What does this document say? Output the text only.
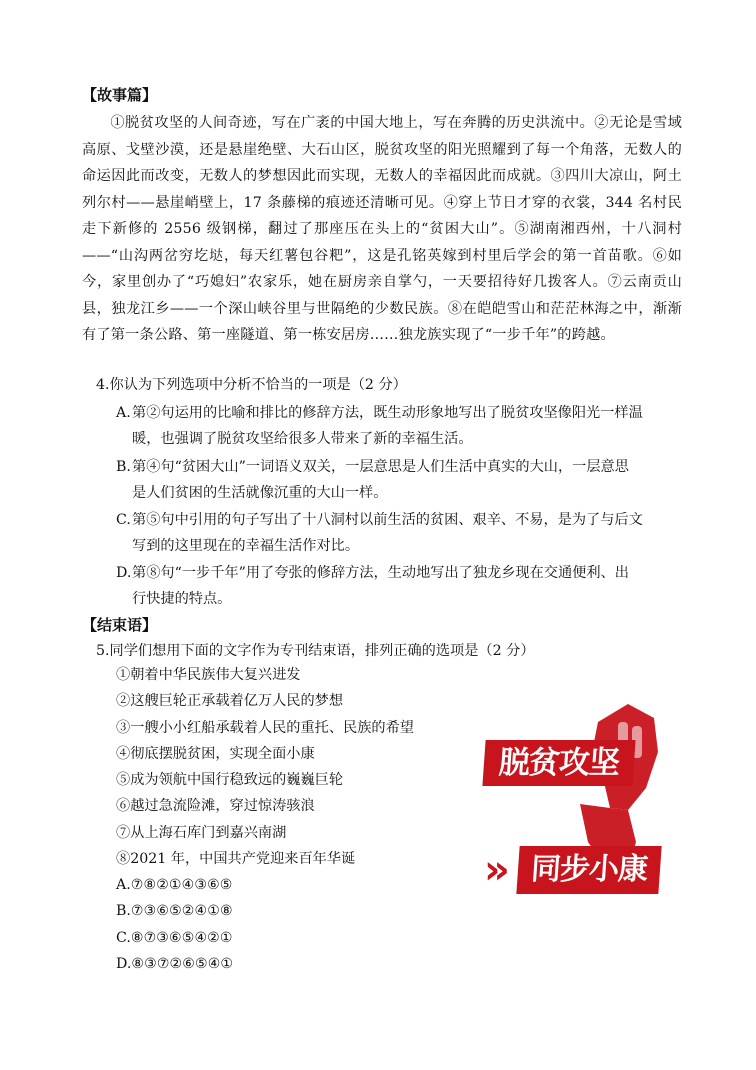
【故事篇】

①脱贫攻坚的人间奇迹，写在广袤的中国大地上，写在奔腾的历史洪流中。②无论是雪域高原、戈壁沙漠，还是悬崖绝壁、大石山区，脱贫攻坚的阳光照耀到了每一个角落，无数人的命运因此而改变，无数人的梦想因此而实现，无数人的幸福因此而成就。③四川大凉山，阿土列尔村——悬崖峭壁上，17 条藤梯的痕迹还清晰可见。④穿上节日才穿的衣裳，344 名村民走下新修的 2556 级钢梯，翻过了那座压在头上的“贫困大山”。⑤湖南湘西州，十八洞村——“山沟两岔穷圪垯，每天红薯包谷粑”，这是孔铭英嫁到村里后学会的第一首苗歌。⑥如今，家里创办了“巧媳妇”农家乐，她在厨房亲自掌勺，一天要招待好几拨客人。⑦云南贡山县，独龙江乡——一个深山峡谷里与世隔绝的少数民族。⑧在皑皑雪山和茫茫林海之中，渐渐有了第一条公路、第一座隧道、第一栋安居房……独龙族实现了“一步千年”的跨越。

4.你认为下列选项中分析不恰当的一项是（2 分）
A.第②句运用的比喻和排比的修辞方法，既生动形象地写出了脱贫攻坚像阳光一样温
暖，也强调了脱贫攻坚给很多人带来了新的幸福生活。
B.第④句“贫困大山”一词语义双关，一层意思是人们生活中真实的大山，一层意思
是人们贫困的生活就像沉重的大山一样。
C.第⑤句中引用的句子写出了十八洞村以前生活的贫困、艰辛、不易，是为了与后文
写到的这里现在的幸福生活作对比。
D.第⑧句“一步千年”用了夸张的修辞方法，生动地写出了独龙乡现在交通便利、出
行快捷的特点。
【结束语】
5.同学们想用下面的文字作为专刊结束语，排列正确的选项是（2 分）
①朝着中华民族伟大复兴进发
②这艘巨轮正承载着亿万人民的梦想
③一艘小小红船承载着人民的重托、民族的希望
④彻底摆脱贫困，实现全面小康
⑤成为领航中国行稳致远的巍巍巨轮
⑥越过急流险滩，穿过惊涛骇浪
⑦从上海石库门到嘉兴南湖
⑧2021 年，中国共产党迎来百年华诞
A.⑦⑧②①④③⑥⑤
B.⑦③⑥⑤②④①⑧
C.⑧⑦③⑥⑤④②①
D.⑧③⑦②⑥⑤④①
脱贫攻坚
» 同步小康
